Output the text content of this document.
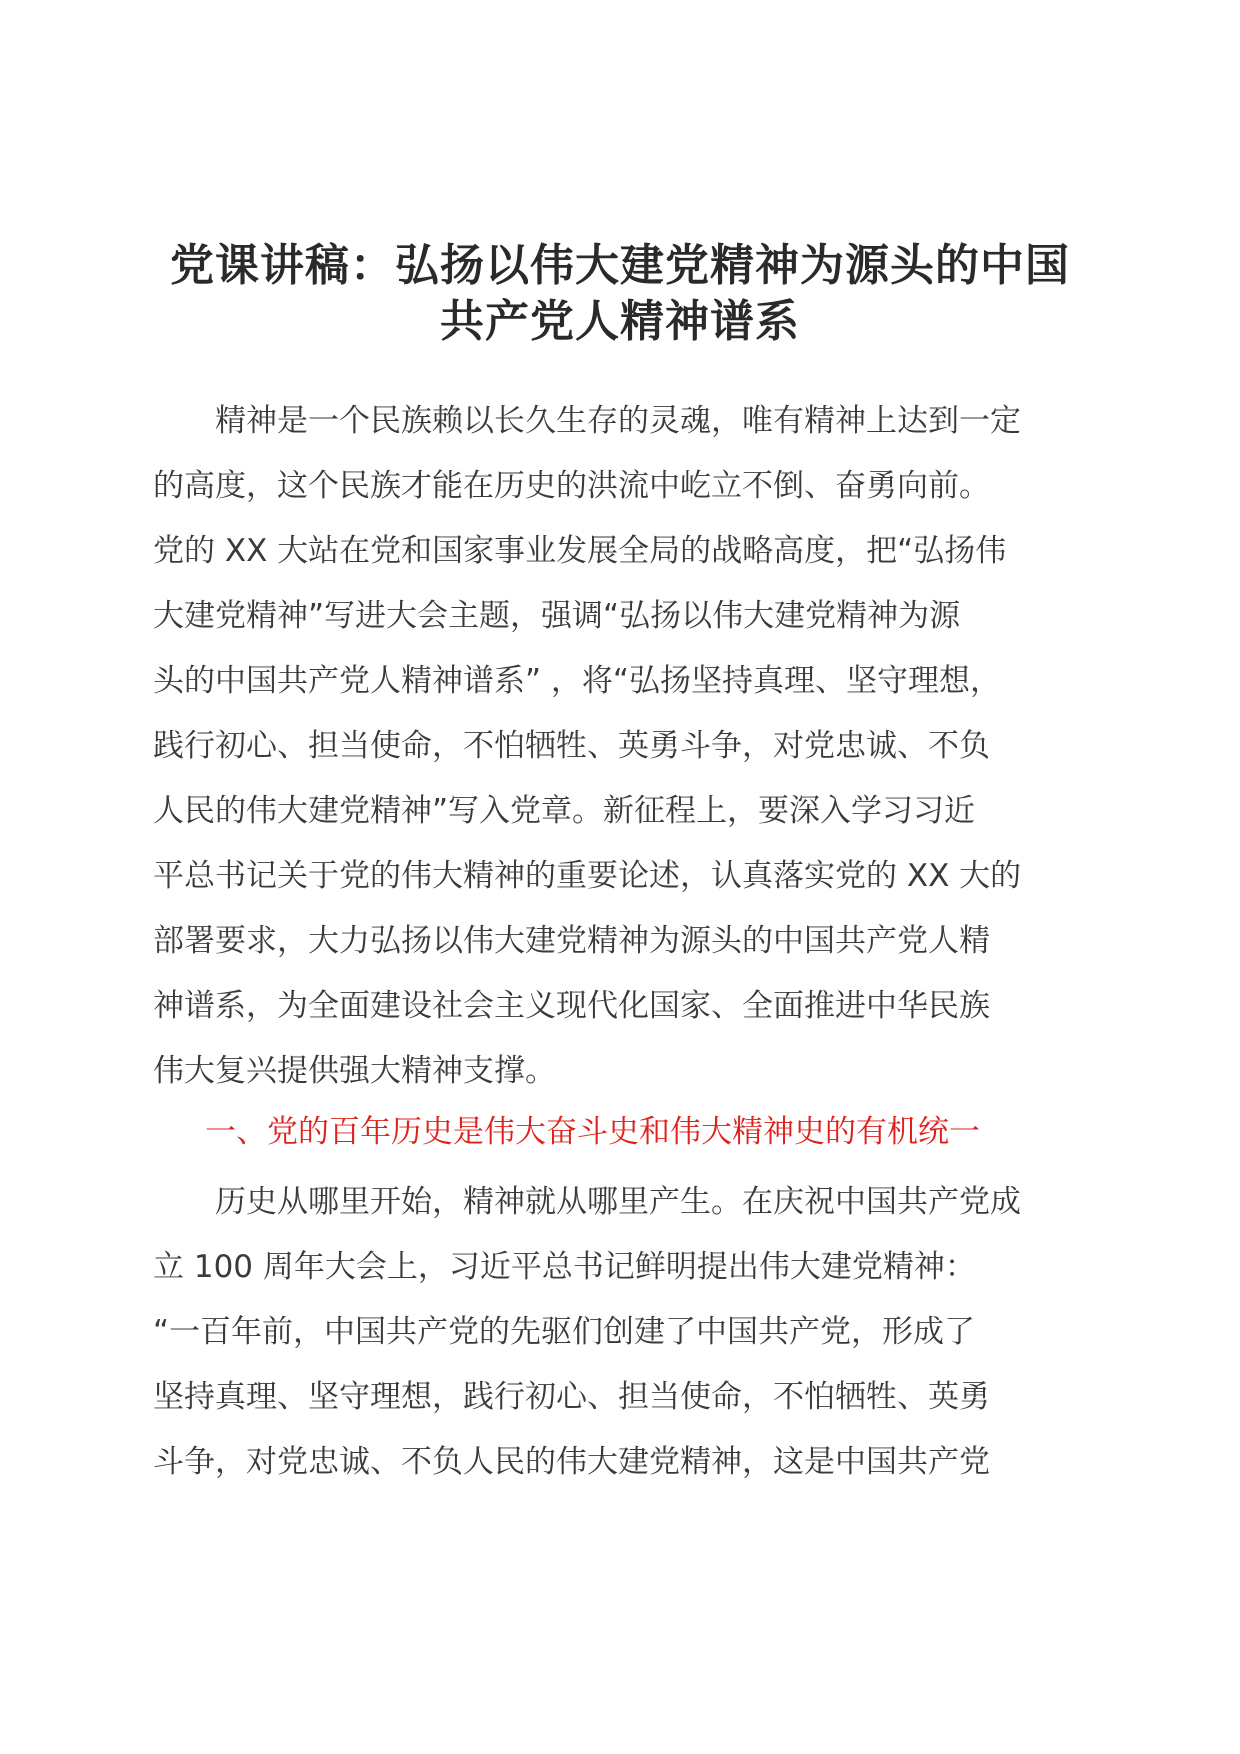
党课讲稿：弘扬以伟大建党精神为源头的中国
共产党人精神谱系
　　精神是一个民族赖以长久生存的灵魂，唯有精神上达到一定
的高度，这个民族才能在历史的洪流中屹立不倒、奋勇向前。
党的 XX 大站在党和国家事业发展全局的战略高度，把“弘扬伟
大建党精神”写进大会主题，强调“弘扬以伟大建党精神为源
头的中国共产党人精神谱系” ，将“弘扬坚持真理、坚守理想，
践行初心、担当使命，不怕牺牲、英勇斗争，对党忠诚、不负
人民的伟大建党精神”写入党章。新征程上，要深入学习习近
平总书记关于党的伟大精神的重要论述，认真落实党的 XX 大的
部署要求，大力弘扬以伟大建党精神为源头的中国共产党人精
神谱系，为全面建设社会主义现代化国家、全面推进中华民族
伟大复兴提供强大精神支撑。
一、党的百年历史是伟大奋斗史和伟大精神史的有机统一
　　历史从哪里开始，精神就从哪里产生。在庆祝中国共产党成
立 100 周年大会上，习近平总书记鲜明提出伟大建党精神：
“一百年前，中国共产党的先驱们创建了中国共产党，形成了
坚持真理、坚守理想，践行初心、担当使命，不怕牺牲、英勇
斗争，对党忠诚、不负人民的伟大建党精神，这是中国共产党
